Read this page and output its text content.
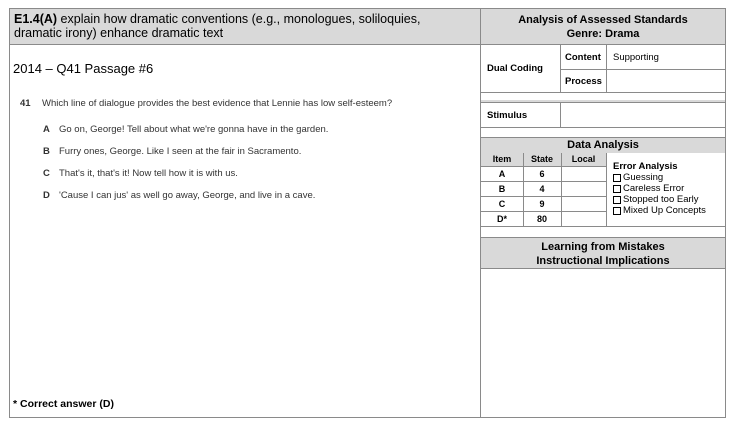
E1.4(A) explain how dramatic conventions (e.g., monologues, soliloquies,
dramatic irony) enhance dramatic text
2014 – Q41 Passage #6
41 Which line of dialogue provides the best evidence that Lennie has low self-esteem?
A Go on, George! Tell about what we're gonna have in the garden.
B Furry ones, George. Like I seen at the fair in Sacramento.
C That's it, that's it! Now tell how it is with us.
D 'Cause I can jus' as well go away, George, and live in a cave.
* Correct answer (D)
Analysis of Assessed Standards
Genre: Drama
Dual Coding
Content Supporting
Process
Stimulus
Data Analysis
Item	State	Local
A	6
B	4
C	9
D*	80
Error Analysis
Guessing
Careless Error
Stopped too Early
Mixed Up Concepts
Learning from Mistakes
Instructional Implications
